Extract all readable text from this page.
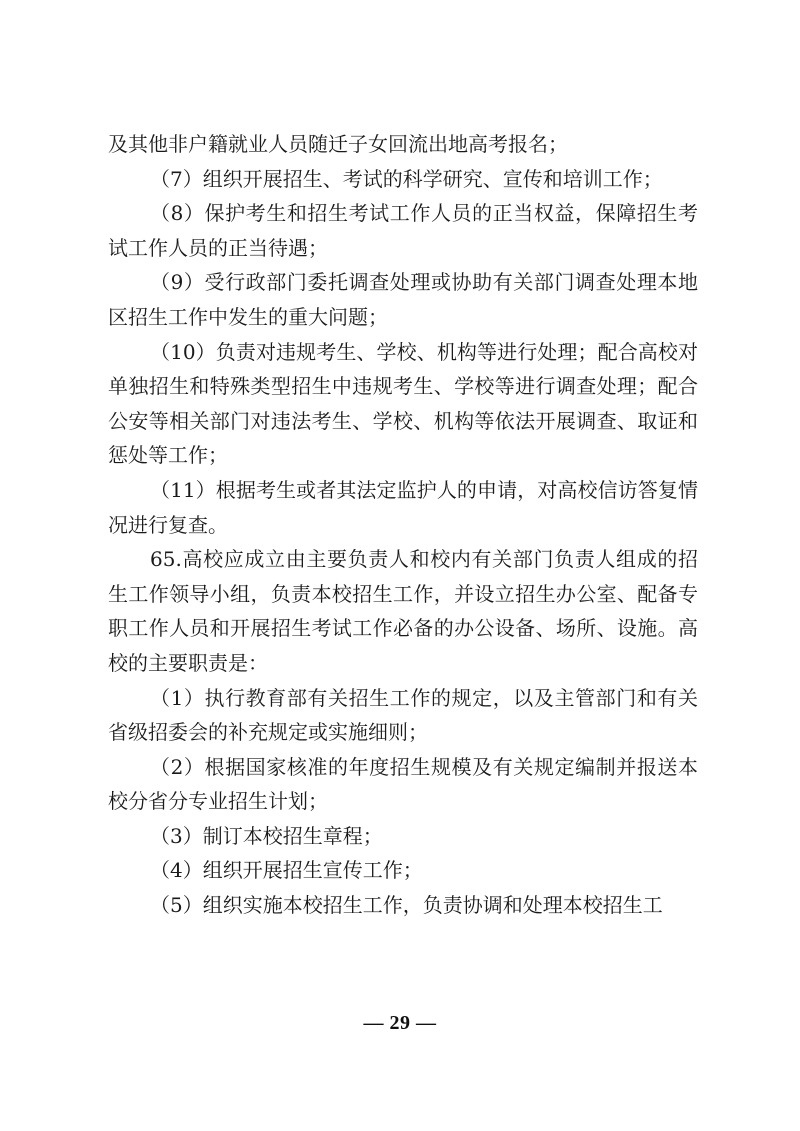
及其他非户籍就业人员随迁子女回流出地高考报名；

（7）组织开展招生、考试的科学研究、宣传和培训工作；

（8）保护考生和招生考试工作人员的正当权益，保障招生考试工作人员的正当待遇；

（9）受行政部门委托调查处理或协助有关部门调查处理本地区招生工作中发生的重大问题；

（10）负责对违规考生、学校、机构等进行处理；配合高校对单独招生和特殊类型招生中违规考生、学校等进行调查处理；配合公安等相关部门对违法考生、学校、机构等依法开展调查、取证和惩处等工作；

（11）根据考生或者其法定监护人的申请，对高校信访答复情况进行复查。

65.高校应成立由主要负责人和校内有关部门负责人组成的招生工作领导小组，负责本校招生工作，并设立招生办公室、配备专职工作人员和开展招生考试工作必备的办公设备、场所、设施。高校的主要职责是：

（1）执行教育部有关招生工作的规定，以及主管部门和有关省级招委会的补充规定或实施细则；

（2）根据国家核准的年度招生规模及有关规定编制并报送本校分省分专业招生计划；

（3）制订本校招生章程；

（4）组织开展招生宣传工作；

（5）组织实施本校招生工作，负责协调和处理本校招生工

— 29 —
